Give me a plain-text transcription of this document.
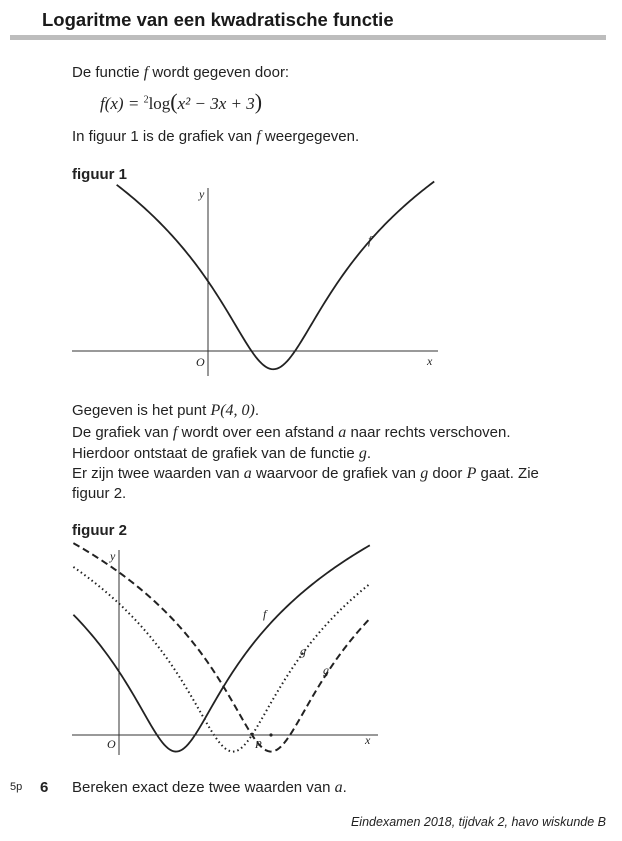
Logaritme van een kwadratische functie
De functie f wordt gegeven door:
f(x) = $^2$log(x² − 3x + 3)
In figuur 1 is de grafiek van f weergegeven.
figuur 1
y
x
O
f
Gegeven is het punt P(4, 0).
De grafiek van f wordt over een afstand a naar rechts verschoven.
Hierdoor ontstaat de grafiek van de functie g.
Er zijn twee waarden van a waarvoor de grafiek van g door P gaat. Zie
figuur 2.
figuur 2
y
x
O
f
g
g
P
5p 6 Bereken exact deze twee waarden van a.
Eindexamen 2018, tijdvak 2, havo wiskunde B
